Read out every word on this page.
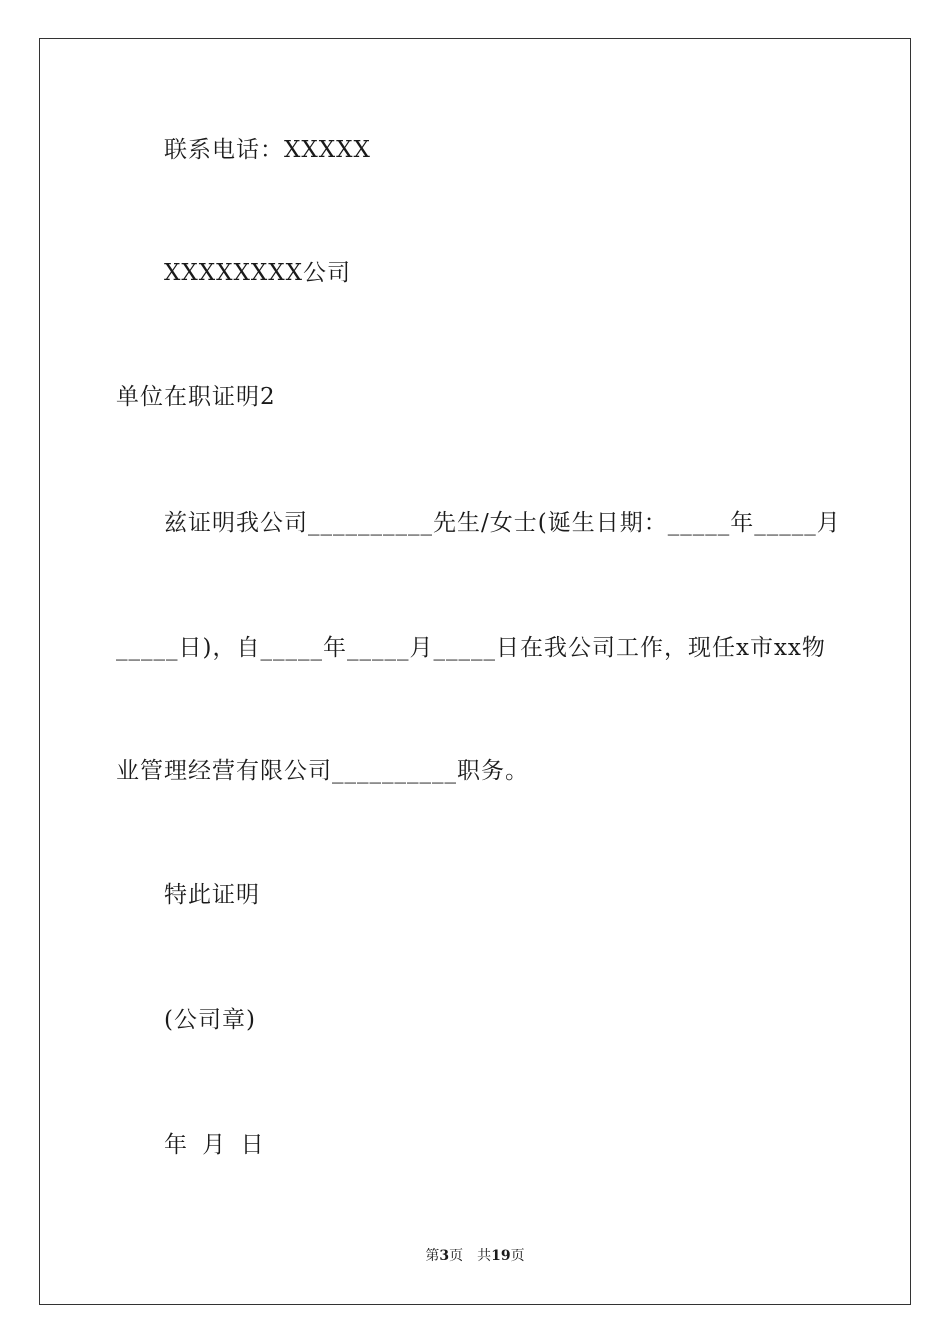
联系电话：XXXXX
XXXXXXXX公司
单位在职证明2
兹证明我公司__________先生/女士(诞生日期：_____年_____月
_____日)，自_____年_____月_____日在我公司工作，现任x市xx物
业管理经营有限公司__________职务。
特此证明
(公司章)
年 月 日
第3页 共19页
